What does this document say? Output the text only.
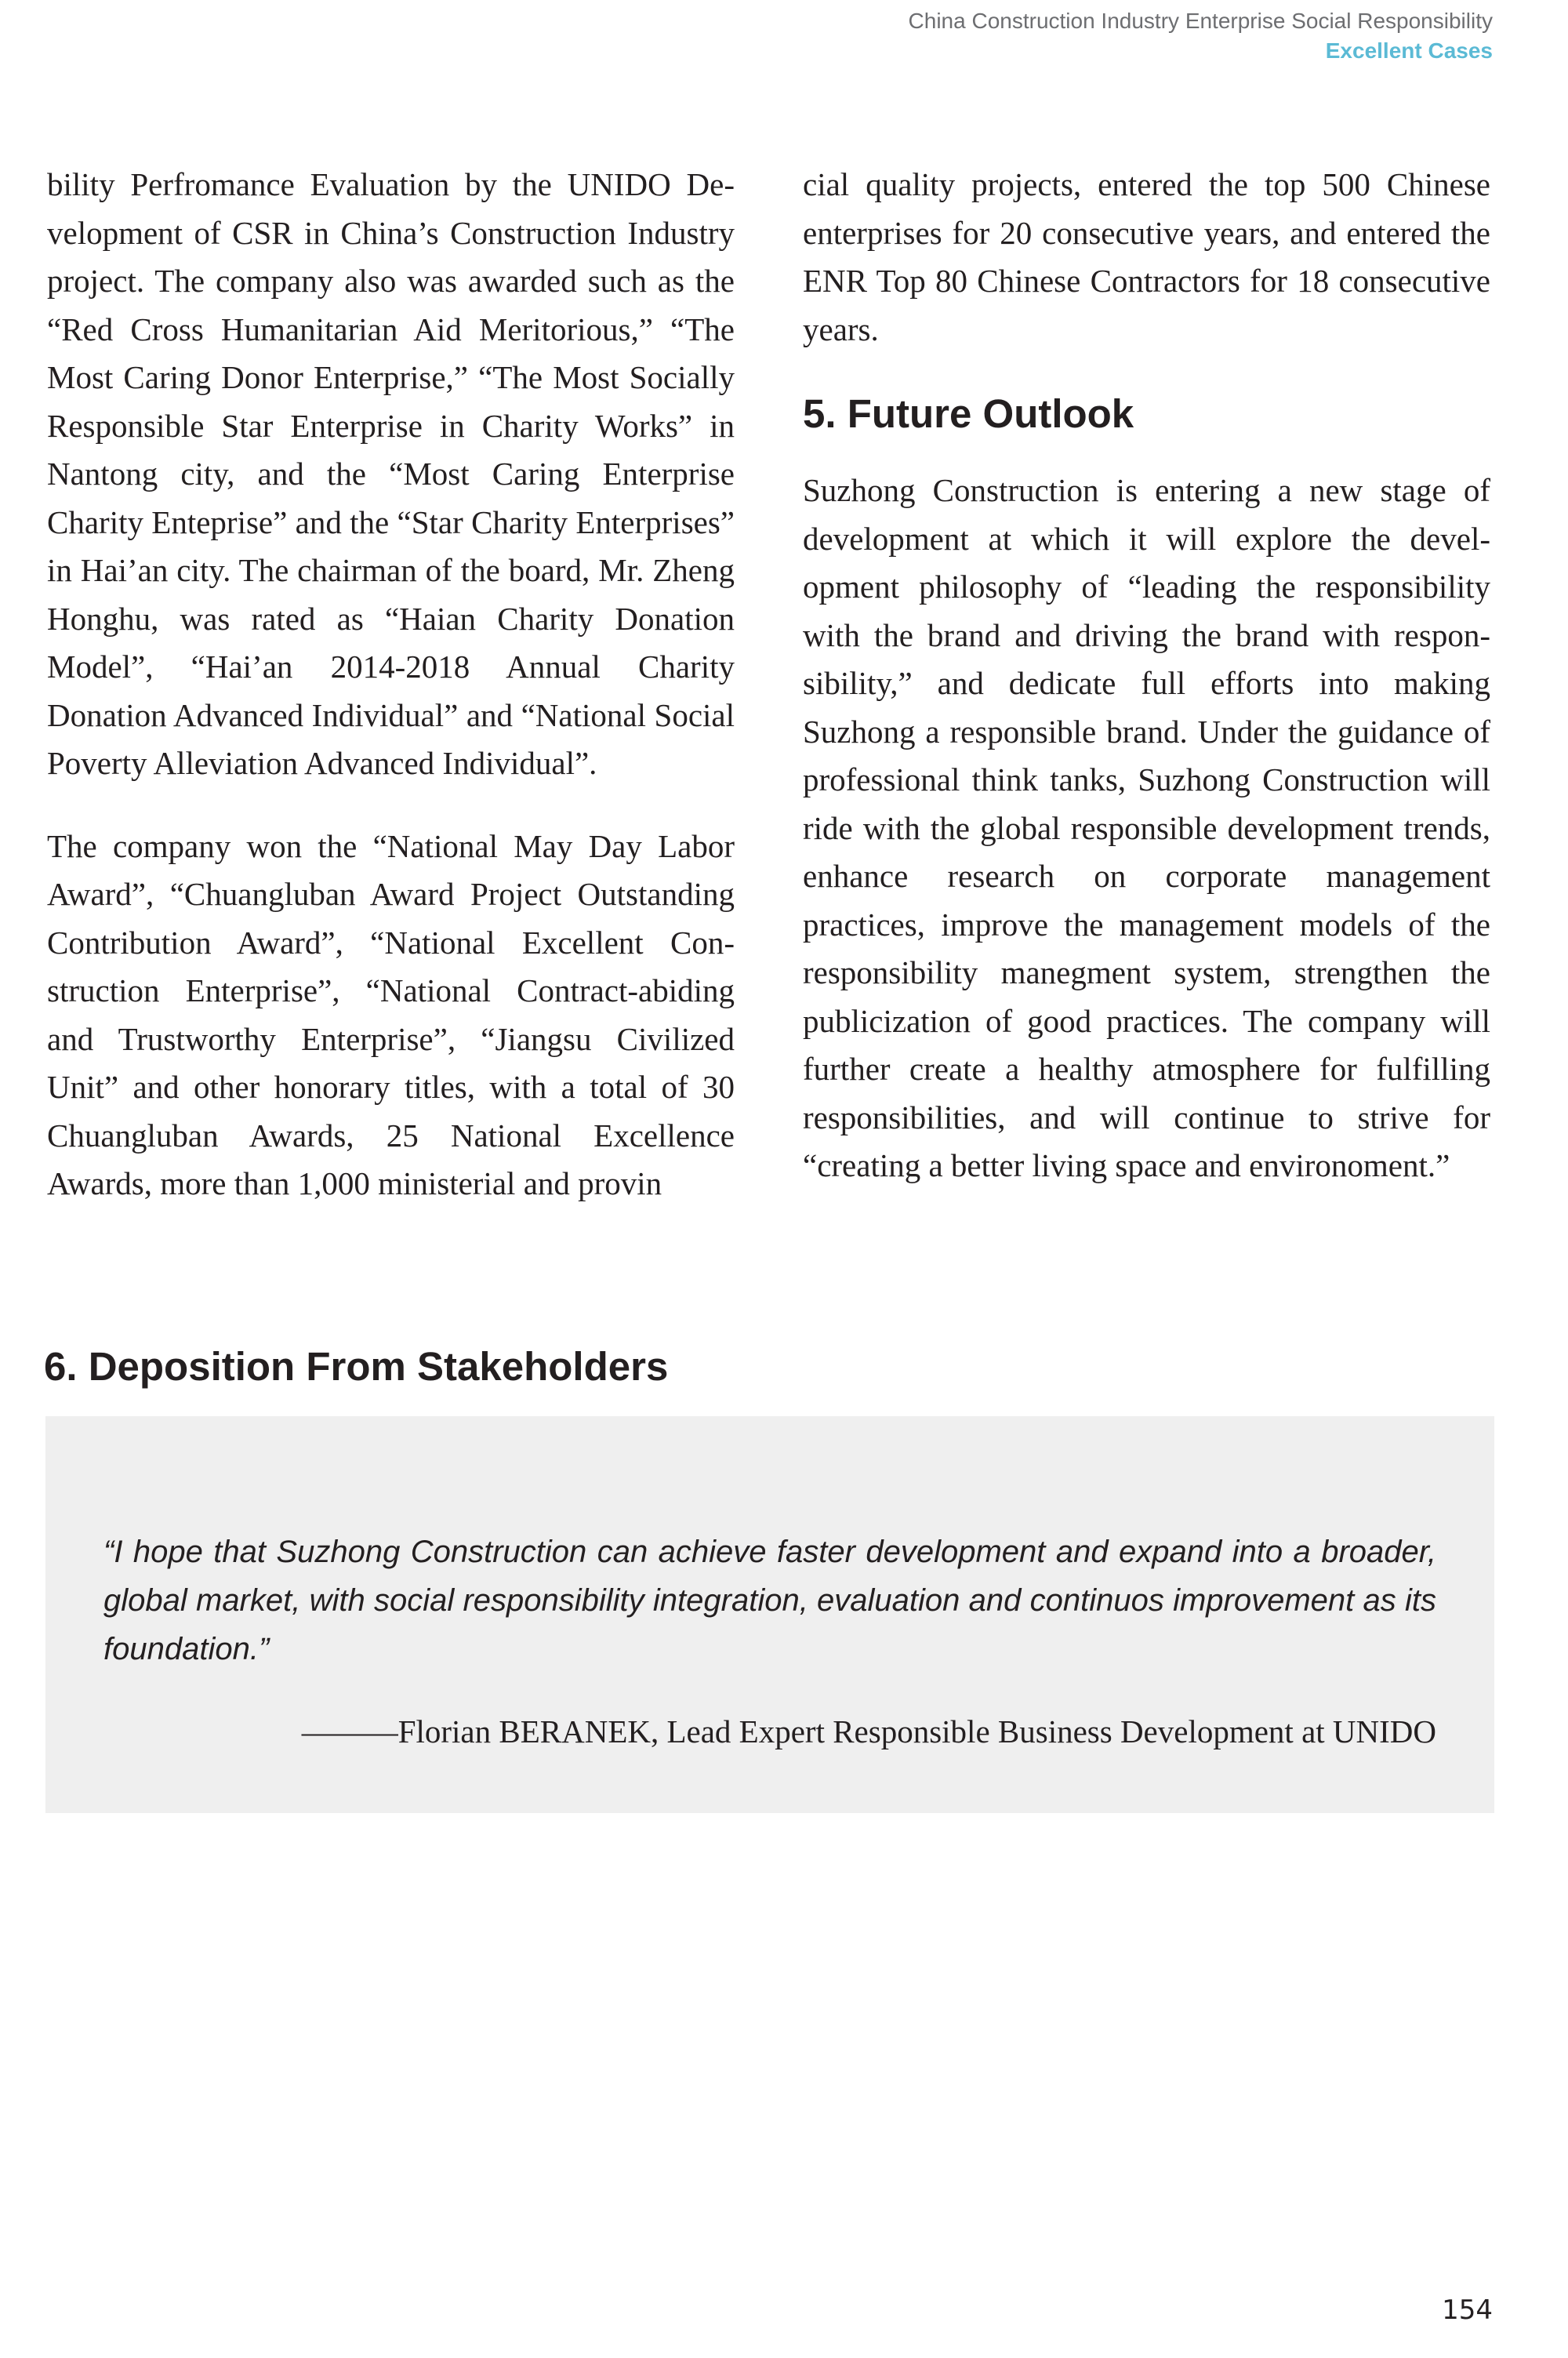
China Construction Industry Enterprise Social Responsibility
Excellent Cases

bility Perfromance Evaluation by the UNIDO Development of CSR in China’s Construction Industry project. The company also was awarded such as the “Red Cross Humanitarian Aid Meritorious,” “The Most Caring Donor Enterprise,” “The Most Socially Responsible Star Enterprise in Charity Works” in Nantong city, and the “Most Caring Enterprise Charity Enteprise” and the “Star Charity Enterprises” in Hai’an city. The chairman of the board, Mr. Zheng Honghu, was rated as “Haian Charity Donation Model”, “Hai’an 2014-2018 Annual Charity Donation Advanced Individual” and “National Social Poverty Alleviation Advanced Individual”.

The company won the “National May Day Labor Award”, “Chuangluban Award Project Outstanding Contribution Award”, “National Excellent Construction Enterprise”, “National Contract-abiding and Trustworthy Enterprise”, “Jiangsu Civilized Unit” and other honorary titles, with a total of 30 Chuangluban Awards, 25 National Excellence Awards, more than 1,000 ministerial and provin

cial quality projects, entered the top 500 Chinese enterprises for 20 consecutive years, and entered the ENR Top 80 Chinese Contractors for 18 consecutive years.

5. Future Outlook

Suzhong Construction is entering a new stage of development at which it will explore the development philosophy of “leading the responsibility with the brand and driving the brand with responsibility,” and dedicate full efforts into making Suzhong a responsible brand. Under the guidance of professional think tanks, Suzhong Construction will ride with the global responsible development trends, enhance research on corporate management practices, improve the management models of the responsibility manegment system, strengthen the publicization of good practices. The company will further create a healthy atmosphere for fulfilling responsibilities, and will continue to strive for “creating a better living space and environoment.”

6. Deposition From Stakeholders

“I hope that Suzhong Construction can achieve faster development and expand into a broader, global market, with social responsibility integration, evaluation and continuos improvement as its foundation.”

———Florian BERANEK, Lead Expert Responsible Business Development at UNIDO

154
